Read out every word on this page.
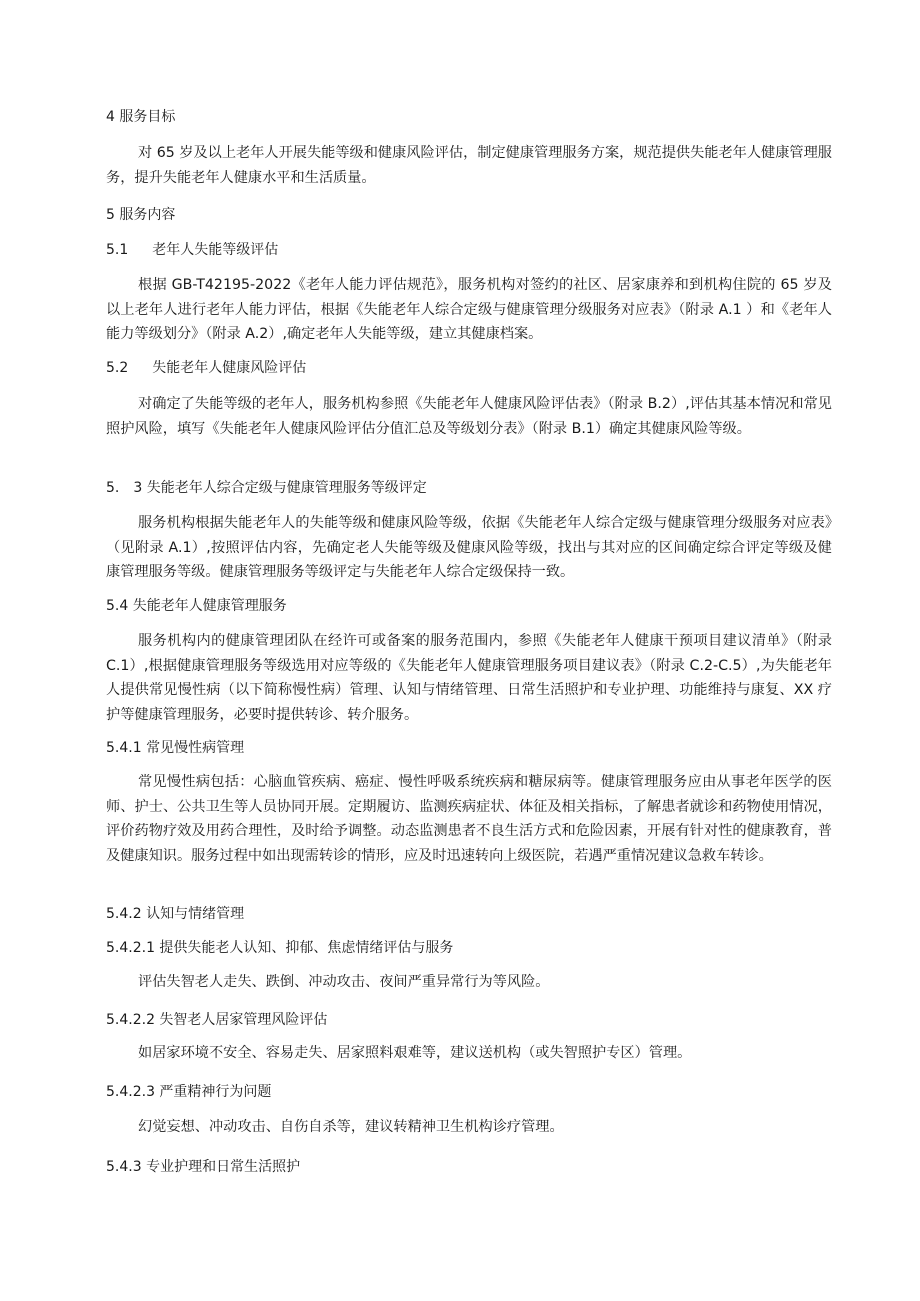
4 服务目标

对 65 岁及以上老年人开展失能等级和健康风险评估，制定健康管理服务方案，规范提供失能老年人健康管理服务，提升失能老年人健康水平和生活质量。

5 服务内容
5.1 老年人失能等级评估

根据 GB-T42195-2022《老年人能力评估规范》，服务机构对签约的社区、居家康养和到机构住院的 65 岁及以上老年人进行老年人能力评估，根据《失能老年人综合定级与健康管理分级服务对应表》（附录 A.1 ）和《老年人能力等级划分》（附录 A.2）,确定老年人失能等级，建立其健康档案。

5.2 失能老年人健康风险评估

对确定了失能等级的老年人，服务机构参照《失能老年人健康风险评估表》（附录 B.2）,评估其基本情况和常见照护风险，填写《失能老年人健康风险评估分值汇总及等级划分表》（附录 B.1）确定其健康风险等级。

5.　3 失能老年人综合定级与健康管理服务等级评定

服务机构根据失能老年人的失能等级和健康风险等级，依据《失能老年人综合定级与健康管理分级服务对应表》（见附录 A.1）,按照评估内容，先确定老人失能等级及健康风险等级，找出与其对应的区间确定综合评定等级及健康管理服务等级。健康管理服务等级评定与失能老年人综合定级保持一致。

5.4 失能老年人健康管理服务

服务机构内的健康管理团队在经许可或备案的服务范围内，参照《失能老年人健康干预项目建议清单》（附录 C.1）,根据健康管理服务等级选用对应等级的《失能老年人健康管理服务项目建议表》（附录 C.2-C.5）,为失能老年人提供常见慢性病（以下简称慢性病）管理、认知与情绪管理、日常生活照护和专业护理、功能维持与康复、XX 疗护等健康管理服务，必要时提供转诊、转介服务。

5.4.1 常见慢性病管理

常见慢性病包括：心脑血管疾病、癌症、慢性呼吸系统疾病和糖尿病等。健康管理服务应由从事老年医学的医师、护士、公共卫生等人员协同开展。定期履访、监测疾病症状、体征及相关指标，了解患者就诊和药物使用情况，评价药物疗效及用药合理性，及时给予调整。动态监测患者不良生活方式和危险因素，开展有针对性的健康教育，普及健康知识。服务过程中如出现需转诊的情形，应及时迅速转向上级医院，若遇严重情况建议急救车转诊。

5.4.2 认知与情绪管理
5.4.2.1 提供失能老人认知、抑郁、焦虑情绪评估与服务

评估失智老人走失、跌倒、冲动攻击、夜间严重异常行为等风险。

5.4.2.2 失智老人居家管理风险评估

如居家环境不安全、容易走失、居家照料艰难等，建议送机构（或失智照护专区）管理。

5.4.2.3 严重精神行为问题

幻觉妄想、冲动攻击、自伤自杀等，建议转精神卫生机构诊疗管理。

5.4.3 专业护理和日常生活照护
